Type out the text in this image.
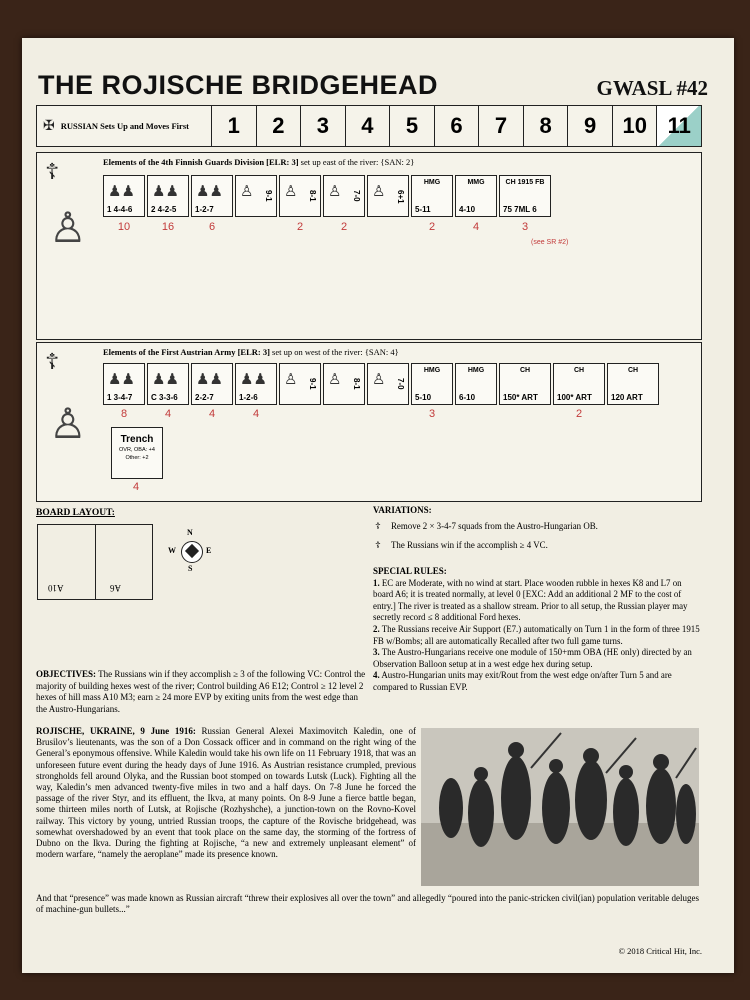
THE ROJISCHE BRIDGEHEAD	GWASL #42
✠ RUSSIAN Sets Up and Moves First	1	2	3	4	5	6	7	8	9	10 11
Elements of the 4th Finnish Guards Division [ELR: 3] set up east of the river: {SAN: 2}
☦
♙
♟♟
1 4-4-6
♟♟
2 4-2-5
♟♟
1-2-7
♙ 9-1 ♙ 8-1 ♙ 7-0 ♙ 6+1
HMG
5-11
MMG
4-10
CH 1915 FB
75 7ML 6
10	16	6	2	2	2	4	3
(see SR #2)
Elements of the First Austrian Army [ELR: 3] set up on west of the river: {SAN: 4}
☦
♙
♟♟
1 3-4-7
♟♟
C 3-3-6
♟♟
2-2-7
♟♟
1-2-6
♙ 9-1 ♙ 8-1 ♙ 7-0
HMG
5-10
HMG
6-10
CH
150* ART
CH
100* ART
CH
120 ART
8	4	4	4	3	2
Trench
OVR, OBA: +4
Other: +2
4
BOARD LAYOUT:
A10	A6
N
S
W	E
VARIATIONS:
☦ Remove 2 × 3-4-7 squads from the Austro-Hungarian OB.
☦ The Russians win if the accomplish ≥ 4 VC.
SPECIAL RULES:
1. EC are Moderate, with no wind at start. Place wooden rubble in hexes K8 and L7 on board A6; it is treated normally, at level 0 [EXC: Add an additional 2 MF to the cost of entry.] The river is treated as a shallow stream. Prior to all setup, the Russian player may secretly record ≤ 8 additional Ford hexes.
2. The Russians receive Air Support (E7.) automatically on Turn 1 in the form of three 1915 FB w/Bombs; all are automatically Recalled after two full game turns.
3. The Austro-Hungarians receive one module of 150+mm OBA (HE only) directed by an Observation Balloon setup at in a west edge hex during setup.
4. Austro-Hungarian units may exit/Rout from the west edge on/after Turn 5 and are compared to Russian EVP.
OBJECTIVES: The Russians win if they accomplish ≥ 3 of the following VC: Control the majority of building hexes west of the river; Control building A6 E12; Control ≥ 12 level 2 hexes of hill mass A10 M3; earn ≥ 24 more EVP by exiting units from the west edge than the Austro-Hungarians.
ROJISCHE, UKRAINE, 9 June 1916: Russian General Alexei Maximovitch Kaledin, one of Brusilov’s lieutenants, was the son of a Don Cossack officer and in command on the right wing of the General’s eponymous offensive. While Kaledin would take his own life on 11 February 1918, that was an unforeseen future event during the heady days of June 1916. As Austrian resistance crumpled, previous strongholds fell around Olyka, and the Russian boot stomped on towards Lutsk (Luck). Fighting all the way, Kaledin’s men advanced twenty-five miles in two and a half days. On 7-8 June he forced the passage of the river Styr, and its effluent, the Ikva, at many points. On 8-9 June a fierce battle began, some thirteen miles north of Lutsk, at Rojische (Rozhyshche), a junction-town on the Rovno-Kovel railway. This victory by young, untried Russian troops, the capture of the Rovische bridgehead, was somewhat overshadowed by an event that took place on the same day, the storming of the fortress of Dubno on the Ikva. During the fighting at Rojische, “a new and extremely unpleasant element” of modern warfare, “namely the aeroplane” made its presence known.
And that “presence” was made known as Russian aircraft “threw their explosives all over the town” and allegedly “poured into the panic-stricken civil(ian) population veritable deluges of machine-gun bullets...”
© 2018 Critical Hit, Inc.
